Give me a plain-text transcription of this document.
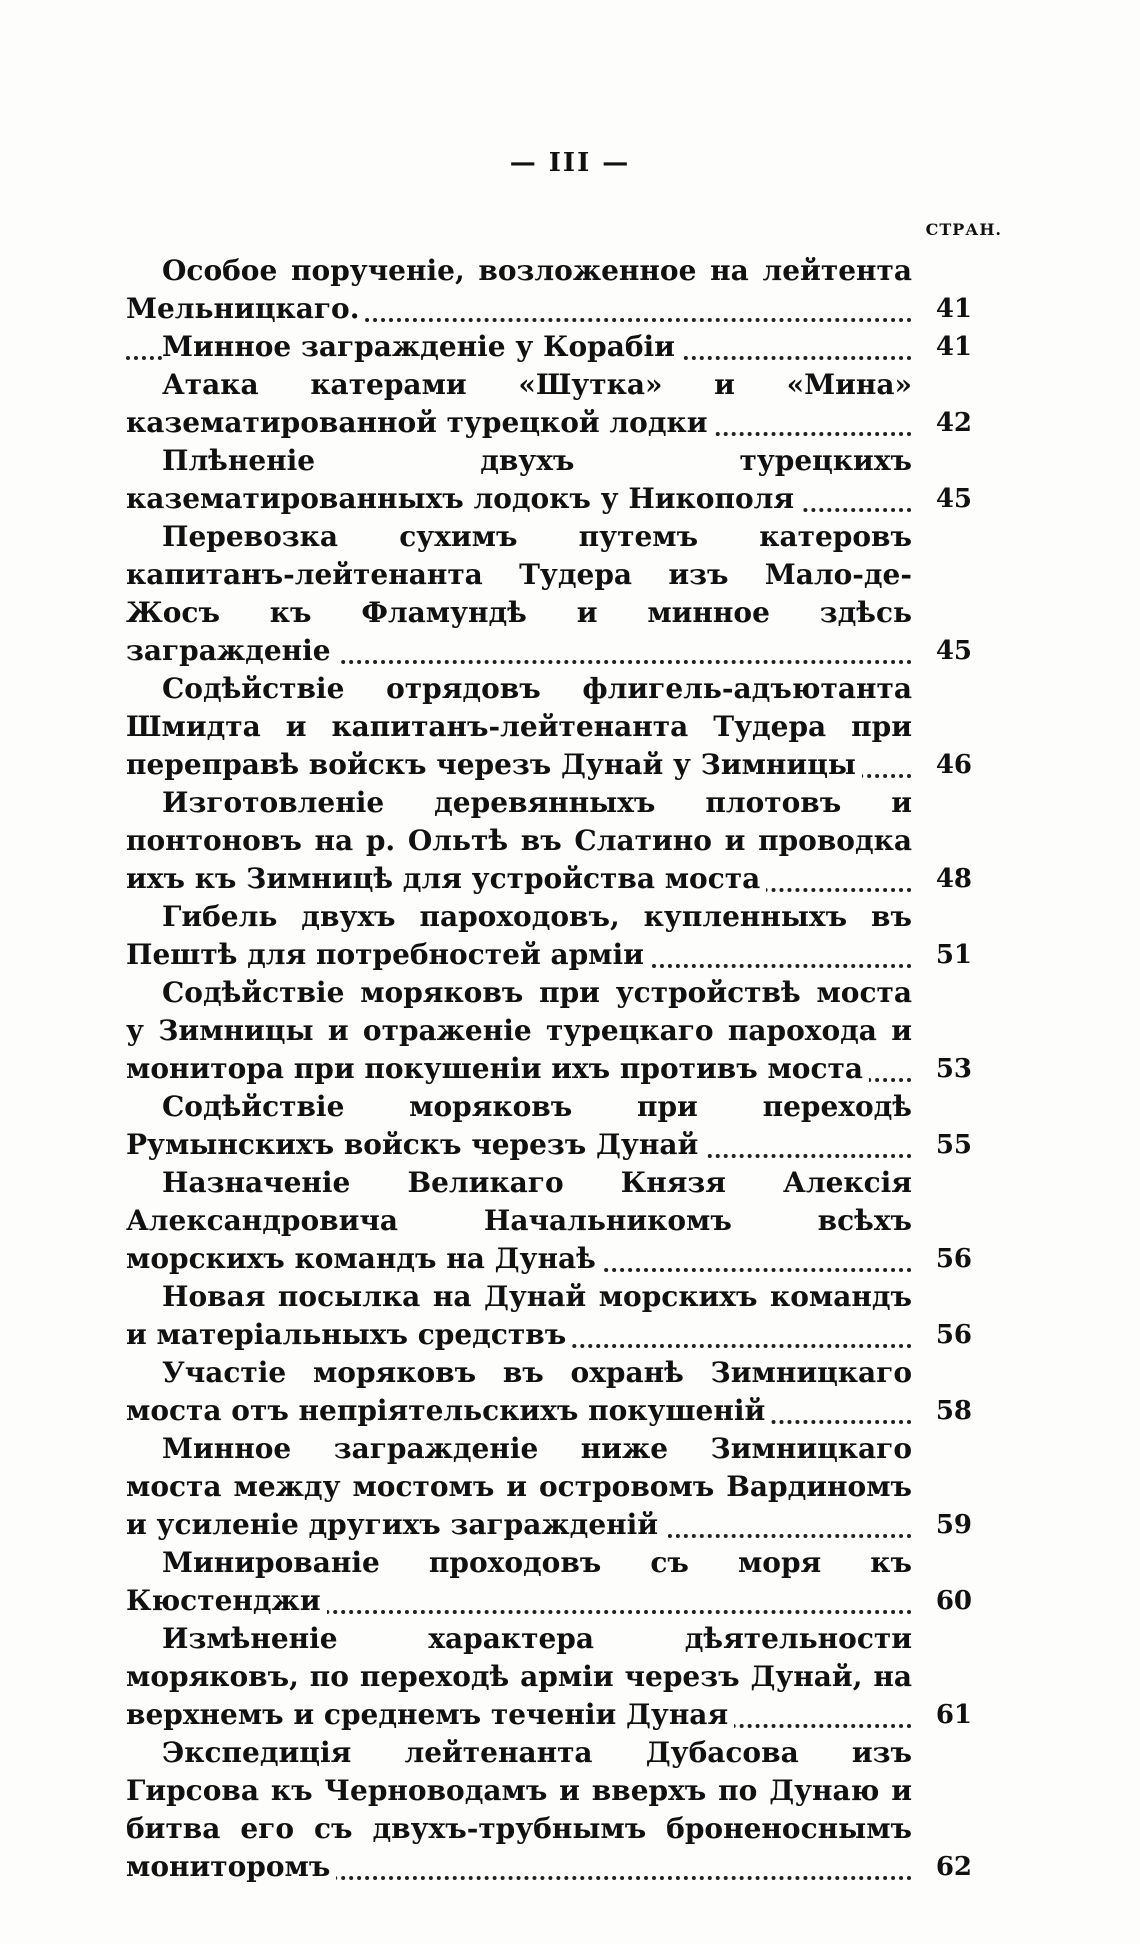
— III —
СТРАН.
Особое порученіе, возложенное на лейтента Мельницкаго.	41
Минное загражденіе у Корабіи	41
Атака катерами «Шутка» и «Мина» казематированной турецкой лодки	42
Плѣненіе двухъ турецкихъ казематированныхъ лодокъ у Никополя	45
Перевозка сухимъ путемъ катеровъ капитанъ-лейтенанта Тудера изъ Мало-де-Жосъ къ Фламундѣ и минное здѣсь загражденіе	45
Содѣйствіе отрядовъ флигель-адъютанта Шмидта и капитанъ-лейтенанта Тудера при переправѣ войскъ черезъ Дунай у Зимницы	46
Изготовленіе деревянныхъ плотовъ и понтоновъ на р. Ольтѣ въ Слатино и проводка ихъ къ Зимницѣ для устройства моста	48
Гибель двухъ пароходовъ, купленныхъ въ Пештѣ для потребностей арміи	51
Содѣйствіе моряковъ при устройствѣ моста у Зимницы и отраженіе турецкаго парохода и монитора при покушеніи ихъ противъ моста	53
Содѣйствіе моряковъ при переходѣ Румынскихъ войскъ черезъ Дунай	55
Назначеніе Великаго Князя Алексія Александровича Начальникомъ всѣхъ морскихъ командъ на Дунаѣ	56
Новая посылка на Дунай морскихъ командъ и матеріальныхъ средствъ	56
Участіе моряковъ въ охранѣ Зимницкаго моста отъ непріятельскихъ покушеній	58
Минное загражденіе ниже Зимницкаго моста между мостомъ и островомъ Вардиномъ и усиленіе другихъ загражденій	59
Минированіе проходовъ съ моря къ Кюстенджи	60
Измѣненіе характера дѣятельности моряковъ, по переходѣ арміи черезъ Дунай, на верхнемъ и среднемъ теченіи Дуная	61
Экспедиція лейтенанта Дубасова изъ Гирсова къ Черноводамъ и вверхъ по Дунаю и битва его съ двухъ-трубнымъ броненоснымъ мониторомъ	62
